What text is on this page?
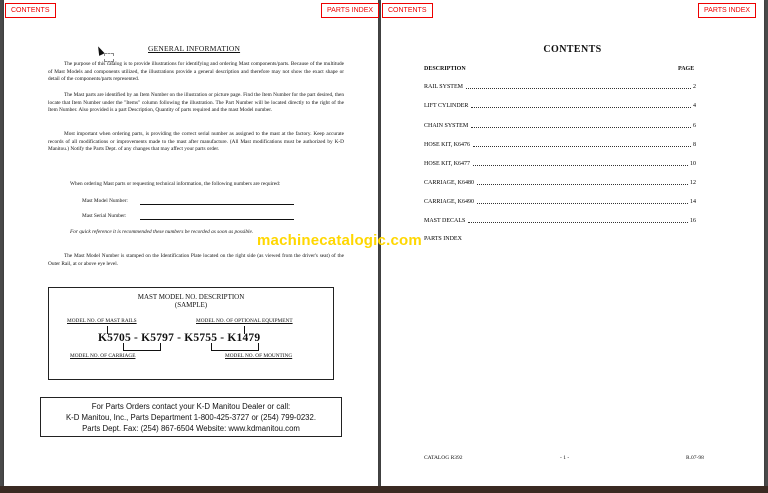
CONTENTS	PARTS INDEX	CONTENTS	PARTS INDEX
GENERAL INFORMATION
The purpose of this catalog is to provide illustrations for identifying and ordering Mast components/parts. Because of the multitude of Mast Models and components utilized, the illustrations provide a general description and therefore may not show the exact shape or detail of the components/parts represented.
The Mast parts are identified by an Item Number on the illustration or picture page. Find the Item Number for the part desired, then locate that Item Number under the "Items" column following the illustration. The Part Number will be located directly to the right of the Item Number. Also provided is a part Description, Quantity of parts required and the mast Model number.
Most important when ordering parts, is providing the correct serial number as assigned to the mast at the factory. Keep accurate records of all modifications or improvements made to the mast after manufacture. (All Mast modifications must be authorized by K-D Manitou.) Notify the Parts Dept. of any changes that may affect your parts order.
When ordering Mast parts or requesting technical information, the following numbers are required:
Mast Model Number:
Mast Serial Number:
For quick reference it is recommended these numbers be recorded as soon as possible.
The Mast Model Number is stamped on the Identification Plate located on the right side (as viewed from the driver's seat) of the Outer Rail, at or above eye level.
MAST MODEL NO. DESCRIPTION
(SAMPLE)
MODEL NO. OF MAST RAILS	MODEL NO. OF OPTIONAL EQUIPMENT
K5705 - K5797 - K5755 - K1479
MODEL NO. OF CARRIAGE	MODEL NO. OF MOUNTING
For Parts Orders contact your K-D Manitou Dealer or call:
K-D Manitou, Inc., Parts Department 1-800-425-3727 or (254) 799-0232.
Parts Dept. Fax: (254) 867-6504 Website: www.kdmanitou.com
CONTENTS
DESCRIPTION	PAGE
RAIL SYSTEM	2
LIFT CYLINDER	4
CHAIN SYSTEM	6
HOSE KIT, K6476	8
HOSE KIT, K6477	10
CARRIAGE, K6480	12
CARRIAGE, K6490	14
MAST DECALS	16
PARTS INDEX
CATALOG R392	- 1 -	R.07-98
machinecatalogic.com
